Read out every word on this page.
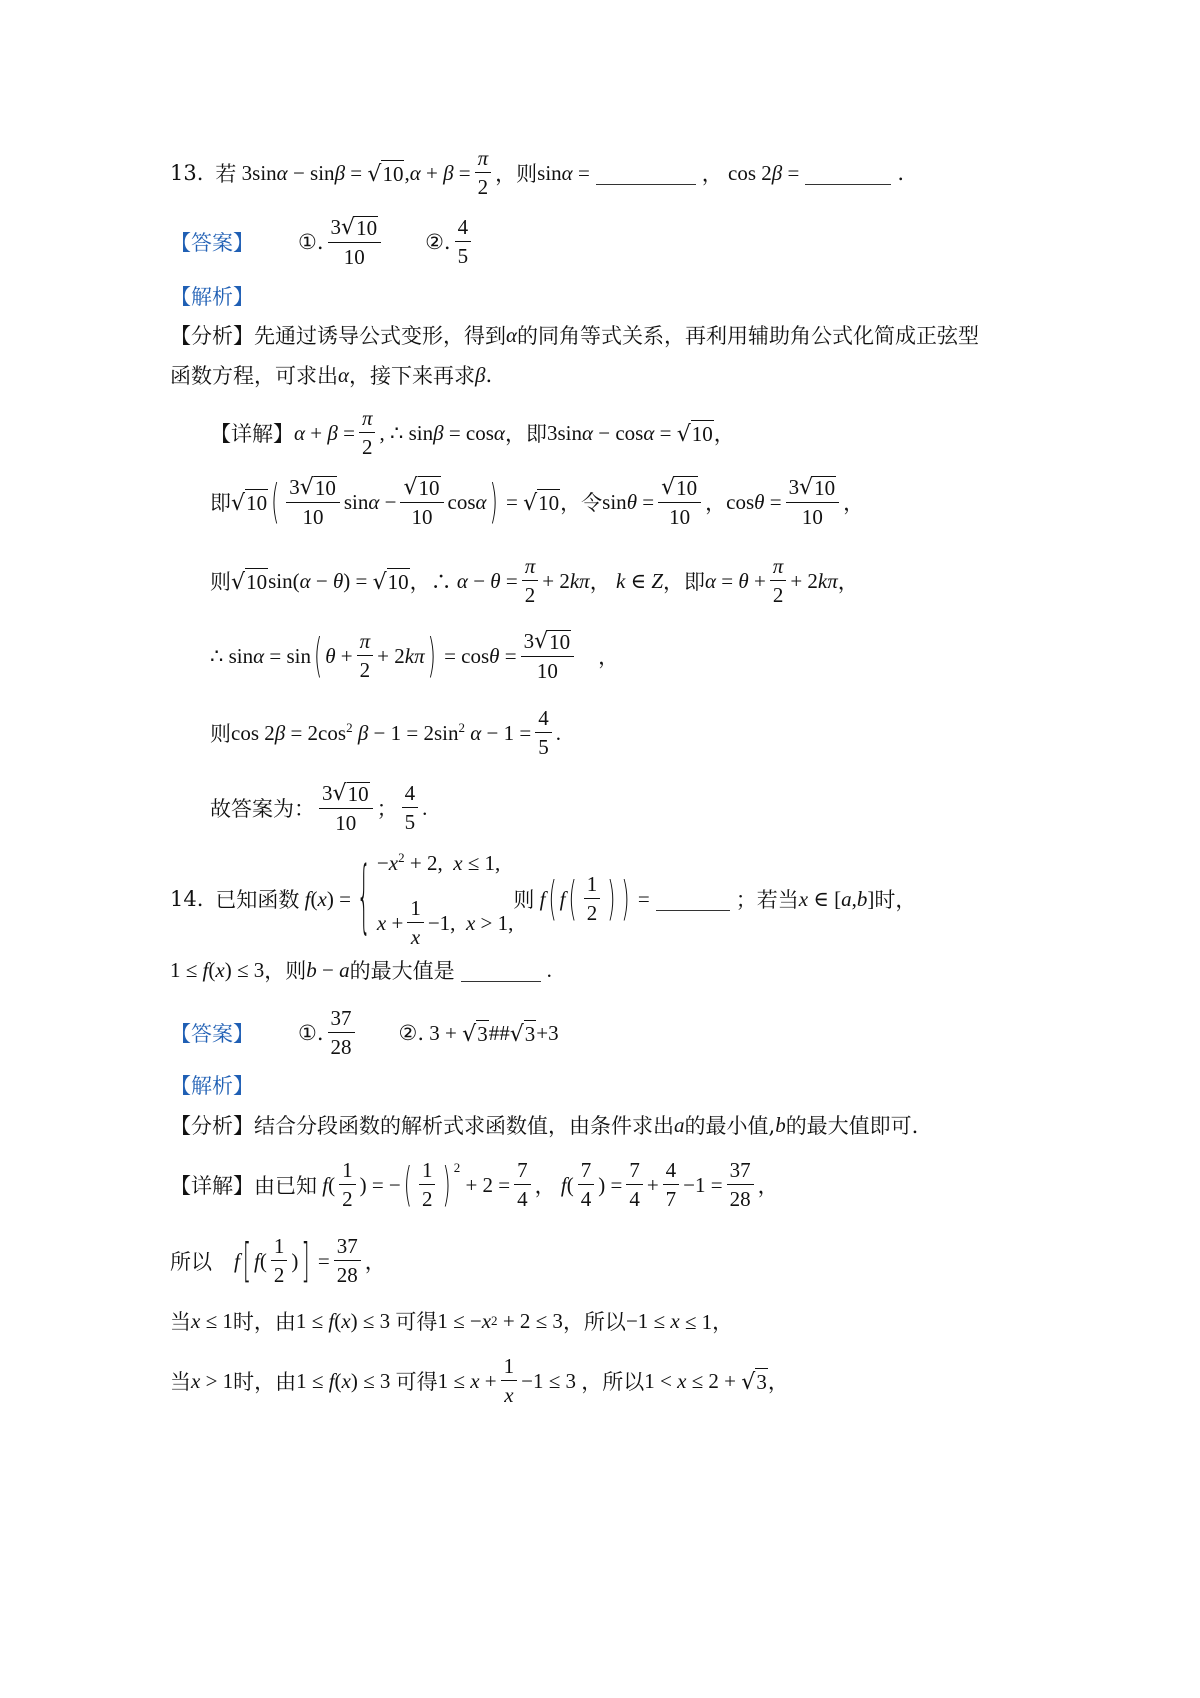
13. 若 3sin α − sin β = √ 10 , $\alpha + \beta = \frac{\pi}{2}$ ，则 sin α =	， cos 2 β =	.
【答案】 ①. $\frac{3 √ 10}{10}$ ②. $\frac{4}{5}$
【解析】
【分析】 先通过诱导公式变形，得到 α 的同角等式关系，再利用辅助角公式化简成正弦型
函数方程，可求出 α ，接下来再求 β .
【详解】 $\alpha + \beta = \frac{\pi}{2}$ , ∴ sin β = cos α ， 即 3sin α − cos α = √ 10 ，
即 √ 10 ( $\frac{3 √ 10}{10}$ $\sin \alpha - \frac{√ 10}{10}$ cos α ) = √ 10 ，令 $\sin \theta = \frac{√ 10}{10}$ ， $\cos \theta = \frac{3 √ 10}{10}$ ，
则 √ 10 sin( α − θ ) = √ 10 ，∴ $\alpha - \theta = \frac{\pi}{2} + 2$ kπ ， k ∈ Z ， 即 $\alpha = \theta + \frac{\pi}{2} + 2$ kπ ，
∴ sin α = sin ( $\theta + \frac{\pi}{2} + 2$ kπ ) = $\cos \theta = \frac{3 √ 10}{10}$ ，
则 cos 2 $\beta = 2\cos^2$ $\beta - 1 = 2\sin^2$ $\alpha - 1 = \frac{4}{5}$ .
故答案为： $\frac{3 √ 10}{10}$ ； $\frac{4}{5}$ .
14. 已知函数 f ( x ) = { $-x^2 + 2$,  x ≤ 1,
$x + \frac{1}{x} -1$, x > 1,
则 f ( f ( $\frac{1}{2}$ ) ) =	；若当 x ∈ [ a , b ] 时，
1 ≤ f ( x ) ≤ 3 ，则 b − a 的最大值是	.
【答案】 ①. $\frac{37}{28}$ ②. 3 + √ 3 ## √ 3 +3
【解析】
【分析】 结合分段函数的解析式求函数值，由条件求出 a 的最小值, b 的最大值即可.
【详解】 由已知 f ( $\frac{1}{2}$ ) = − ( $\frac{1}{2} )^2$
+ $2 = \frac{7}{4}$ ， f ( $\frac{7}{4}$ ) = $\frac{7}{4} + \frac{4}{7} -1 = \frac{37}{28}$ ，
所以 f [ f ( $\frac{1}{2}$ ) ] = $\frac{37}{28}$ ，
当 x ≤ 1 时，由 1 ≤ f ( x ) ≤ 3 可得 1 ≤ − x 2 + 2 ≤ 3 ，所以 −1 ≤ x ≤ 1，
当 x > 1 时，由 1 ≤ f ( x ) ≤ 3 可得 $1 \le x + \frac{1}{x} -1 \le 3$ ，所以 1 < x ≤ 2 + √ 3 ，
